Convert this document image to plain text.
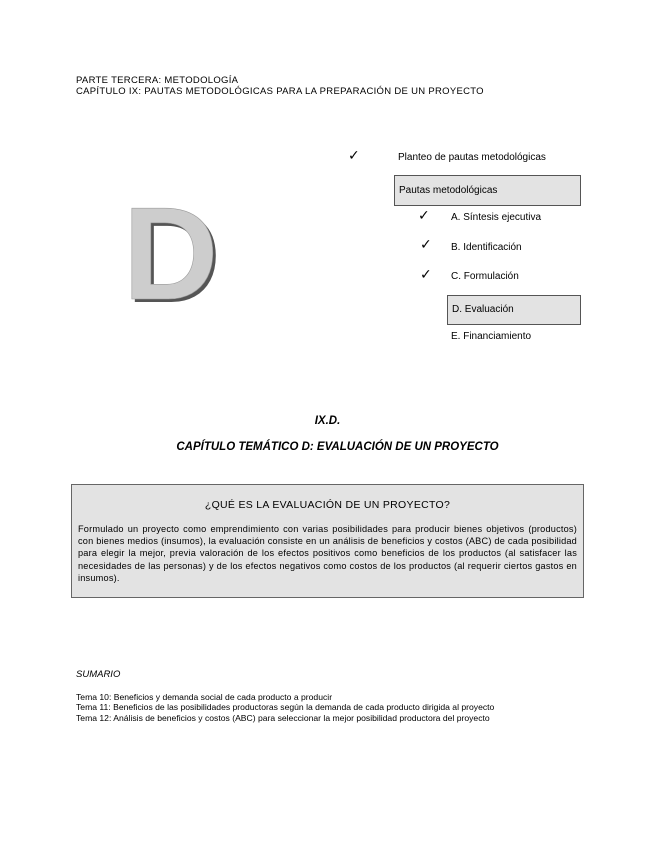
PARTE TERCERA: METODOLOGÍA
CAPÍTULO IX: PAUTAS METODOLÓGICAS PARA LA PREPARACIÓN DE UN PROYECTO
D
✓	Planteo de pautas metodológicas
Pautas metodológicas
✓ A. Síntesis ejecutiva
✓ B. Identificación
✓ C. Formulación
D. Evaluación
E. Financiamiento
IX.D.
CAPÍTULO TEMÁTICO D: EVALUACIÓN DE UN PROYECTO
¿QUÉ ES LA EVALUACIÓN DE UN PROYECTO?
Formulado un proyecto como emprendimiento con varias posibilidades para producir bienes objetivos (productos) con bienes medios (insumos), la evaluación consiste en un análisis de beneficios y costos (ABC) de cada posibilidad para elegir la mejor, previa valoración de los efectos positivos como beneficios de los productos (al satisfacer las necesidades de las personas) y de los efectos negativos como costos de los productos (al requerir ciertos gastos en insumos).
SUMARIO
Tema 10: Beneficios y demanda social de cada producto a producir
Tema 11: Beneficios de las posibilidades productoras según la demanda de cada producto dirigida al proyecto
Tema 12: Análisis de beneficios y costos (ABC) para seleccionar la mejor posibilidad productora del proyecto
